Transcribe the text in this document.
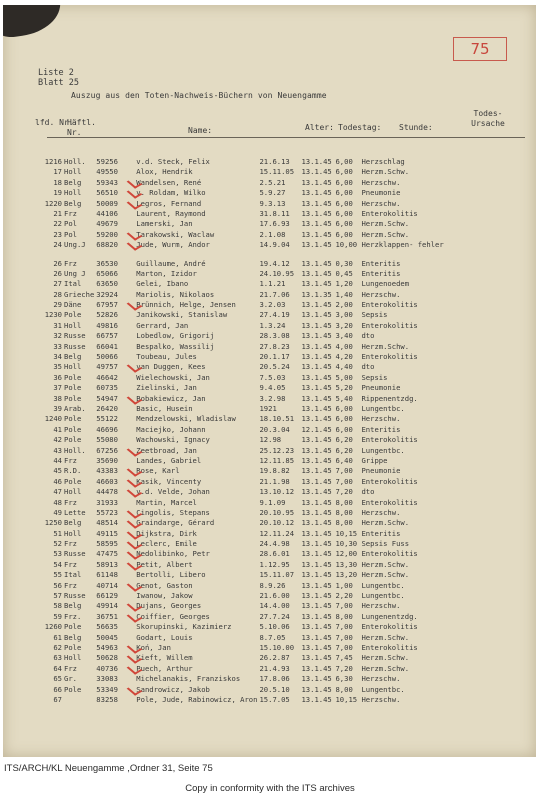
75
Liste 2
Blatt 25
Auszug aus den Toten-Nachweis-Büchern von Neuengamme
lfd. Nr.
Häftl. Nr.	Name:	Alter: Todestag: Stunde:
Todes- Ursache
1216	Holl.	59256	v.d. Steck, Felix	21.6.13	13.1.45	6,00	Herzschlag
17	Holl	49550	Alox, Hendrik	15.11.05	13.1.45	6,00	Herzm.Schw.
18	Belg	59343	Wandelsen, René	2.5.21	13.1.45	6,00	Herzschw.
19	Holl	56510	v. Roldam, Wilko	5.9.27	13.1.45	6,00	Pneumonie
1220	Belg	50009	Legros, Fernand	9.3.13	13.1.45	6,00	Herzschw.
21	Frz	44106	Laurent, Raymond	31.8.11	13.1.45	6,00	Enterokolitis
22	Pol	49679	Lamerski, Jan	17.6.93	13.1.45	6,00	Herzm.Schw.
23	Pol	59200	Tarakowski, Waclaw	2.1.08	13.1.45	6,00	Herzm.Schw.
24	Ung.J	68820	Jude, Wurm, Andor	14.9.04	13.1.45	10,00	Herzklappen- fehler

26	Frz	36530	Guillaume, André	19.4.12	13.1.45	0,30	Enteritis
26	Ung J	65066	Marton, Izidor	24.10.95	13.1.45	0,45	Enteritis
27	Ital	63650	Gelei, Ibano	1.1.21	13.1.45	1,20	Lungenoedem
28	Grieche	32924	Mariolis, Nikolaos	21.7.06	13.1.35	1,40	Herzschw.
29	Däne	67957	Brünnich, Helge, Jensen	3.2.03	13.1.45	2,00	Enterokolitis
1230	Pole	52826	Janikowski, Stanislaw	27.4.19	13.1.45	3,00	Sepsis
31	Holl	49816	Gerrard, Jan	1.3.24	13.1.45	3,20	Enterokolitis
32	Russe	66757	Lobedlow, Grigorij	28.3.08	13.1.45	3,40	dto
33	Russe	66041	Bespalko, Wassilij	27.8.23	13.1.45	4,00	Herzm.Schw.
34	Belg	50066	Toubeau, Jules	20.1.17	13.1.45	4,20	Enterokolitis
35	Holl	49757	van Duggen, Kees	20.5.24	13.1.45	4,40	dto
36	Pole	46642	Wielechowski, Jan	7.5.03	13.1.45	5,00	Sepsis
37	Pole	60735	Zielinski, Jan	9.4.05	13.1.45	5,20	Pneumonie
38	Pole	54947	Bobakiewicz, Jan	3.2.98	13.1.45	5,40	Rippenentzdg.
39	Arab.	26420	Basic, Husein	1921	13.1.45	6,00	Lungentbc.
1240	Pole	55122	Mendzelowski, Wladislaw	18.10.51	13.1.45	6,00	Herzschw.
41	Pole	46696	Maciejko, Johann	20.3.04	12.1.45	6,00	Enteritis
42	Pole	55080	Wachowski, Ignacy	12.98	13.1.45	6,20	Enterokolitis
43	Holl.	67256	Zeetbroad, Jan	25.12.23	13.1.45	6,20	Lungentbc.
44	Frz	35690	Landes, Gabriel	12.11.85	13.1.45	6,40	Grippe
45	R.D.	43383	Rose, Karl	19.8.82	13.1.45	7,00	Pneumonie
46	Pole	46603	Kasik, Vincenty	21.1.98	13.1.45	7,00	Enterokolitis
47	Holl	44478	v.d. Velde, Johan	13.10.12	13.1.45	7,20	dto
48	Frz	31933	Martin, Marcel	9.1.09	13.1.45	8,00	Enterokolitis
49	Lette	55723	Cingolis, Stepans	20.10.95	13.1.45	8,00	Herzschw.
1250	Belg	48514	Graindarge, Gérard	20.10.12	13.1.45	8,00	Herzm.Schw.
51	Holl	49115	Dijkstra, Dirk	12.11.24	13.1.45	10,15	Enteritis
52	Frz	58595	Leclerc, Emile	24.4.98	13.1.45	10,30	Sepsis Fuss
53	Russe	47475	Nedolibinko, Petr	28.6.01	13.1.45	12,00	Enterokolitis
54	Frz	58913	Petit, Albert	1.12.95	13.1.45	13,30	Herzm.Schw.
55	Ital	61148	Bertolli, Libero	15.11.07	13.1.45	13,20	Herzm.Schw.
56	Frz	40714	Genot, Gaston	8.9.26	13.1.45	1,00	Lungentbc.
57	Russe	66129	Iwanow, Jakow	21.6.00	13.1.45	2,20	Lungentbc.
58	Belg	49914	Dujans, Georges	14.4.00	13.1.45	7,00	Herzschw.
59	Frz.	36751	Coiffier, Georges	27.7.24	13.1.45	8,00	Lungenentzdg.
1260	Pole	56635	Skorupinski, Kazimierz	5.10.06	13.1.45	7,00	Enterokolitis
61	Belg	50045	Godart, Louis	8.7.05	13.1.45	7,00	Herzm.Schw.
62	Pole	54963	Koń, Jan	15.10.00	13.1.45	7,00	Enterokolitis
63	Holl	50628	Kieft, Willem	26.2.87	13.1.45	7,45	Herzm.Schw.
64	Frz	40736	Puech, Arthur	21.4.93	13.1.45	7,20	Herzm.Schw.
65	Gr.	33083	Michelanakis, Franziskos	17.8.06	13.1.45	6,30	Herzschw.
66	Pole	53349	Sandrowicz, Jakob	20.5.10	13.1.45	8,00	Lungentbc.
67		83258	Pole, Jude, Rabinowicz, Aron	15.7.05	13.1.45	10,15	Herzschw.
ITS/ARCH/KL Neuengamme ,Ordner 31, Seite 75
Copy in conformity with the ITS archives
